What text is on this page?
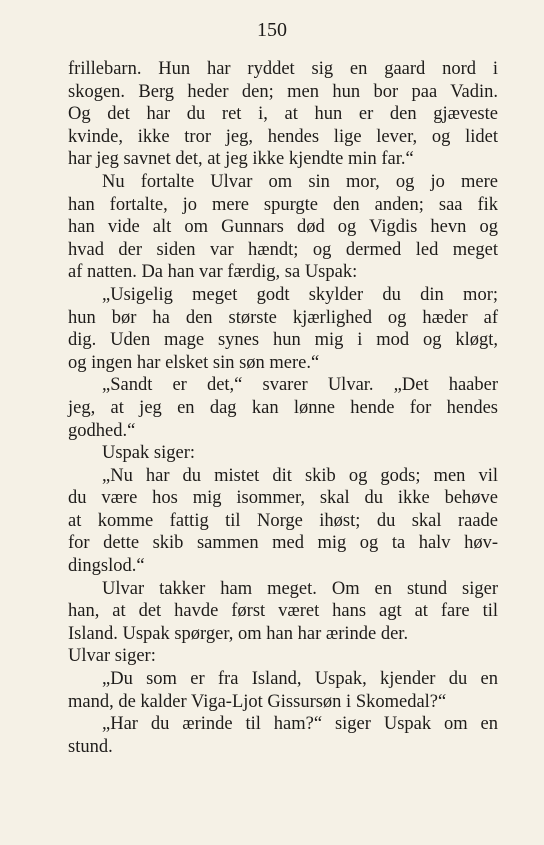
150
frillebarn. Hun har ryddet sig en gaard nord i
skogen. Berg heder den; men hun bor paa Vadin.
Og det har du ret i, at hun er den gjæveste
kvinde, ikke tror jeg, hendes lige lever, og lidet
har jeg savnet det, at jeg ikke kjendte min far.“
Nu fortalte Ulvar om sin mor, og jo mere
han fortalte, jo mere spurgte den anden; saa fik
han vide alt om Gunnars død og Vigdis hevn og
hvad der siden var hændt; og dermed led meget
af natten. Da han var færdig, sa Uspak:
„Usigelig meget godt skylder du din mor;
hun bør ha den største kjærlighed og hæder af
dig. Uden mage synes hun mig i mod og kløgt,
og ingen har elsket sin søn mere.“
„Sandt er det,“ svarer Ulvar. „Det haaber
jeg, at jeg en dag kan lønne hende for hendes
godhed.“
Uspak siger:
„Nu har du mistet dit skib og gods; men vil
du være hos mig isommer, skal du ikke behøve
at komme fattig til Norge ihøst; du skal raade
for dette skib sammen med mig og ta halv høv-
dingslod.“
Ulvar takker ham meget. Om en stund siger
han, at det havde først været hans agt at fare til
Island. Uspak spørger, om han har ærinde der.
Ulvar siger:
„Du som er fra Island, Uspak, kjender du en
mand, de kalder Viga-Ljot Gissursøn i Skomedal?“
„Har du ærinde til ham?“ siger Uspak om en
stund.
